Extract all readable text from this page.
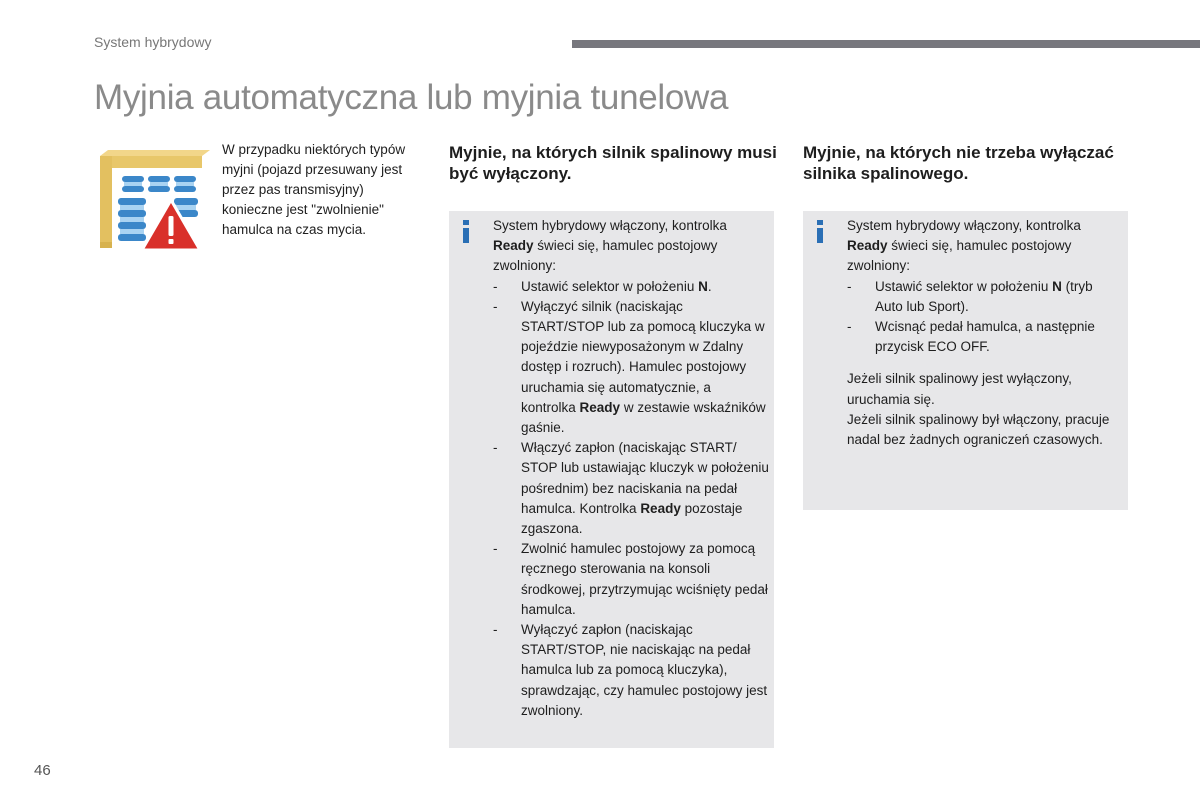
System hybrydowy
Myjnia automatyczna lub myjnia tunelowa

W przypadku niektórych typów myjni (pojazd przesuwany jest przez pas transmisyjny) konieczne jest "zwolnienie" hamulca na czas mycia.

Myjnie, na których silnik spalinowy musi być wyłączony.
Myjnie, na których nie trzeba wyłączać silnika spalinowego.

System hybrydowy włączony, kontrolka Ready świeci się, hamulec postojowy zwolniony:

- Ustawić selektor w położeniu N.
- Wyłączyć silnik (naciskając START/STOP lub za pomocą kluczyka w pojeździe niewyposażonym w Zdalny dostęp i rozruch). Hamulec postojowy uruchamia się automatycznie, a kontrolka Ready w zestawie wskaźników gaśnie.
- Włączyć zapłon (naciskając START/ STOP lub ustawiając kluczyk w położeniu pośrednim) bez naciskania na pedał hamulca. Kontrolka Ready pozostaje zgaszona.
- Zwolnić hamulec postojowy za pomocą ręcznego sterowania na konsoli środkowej, przytrzymując wciśnięty pedał hamulca.
- Wyłączyć zapłon (naciskając START/STOP, nie naciskając na pedał hamulca lub za pomocą kluczyka), sprawdzając, czy hamulec postojowy jest zwolniony.

System hybrydowy włączony, kontrolka Ready świeci się, hamulec postojowy zwolniony:

- Ustawić selektor w położeniu N (tryb Auto lub Sport).
- Wcisnąć pedał hamulca, a następnie przycisk ECO OFF.

Jeżeli silnik spalinowy jest wyłączony, uruchamia się.

Jeżeli silnik spalinowy był włączony, pracuje nadal bez żadnych ograniczeń czasowych.

46
